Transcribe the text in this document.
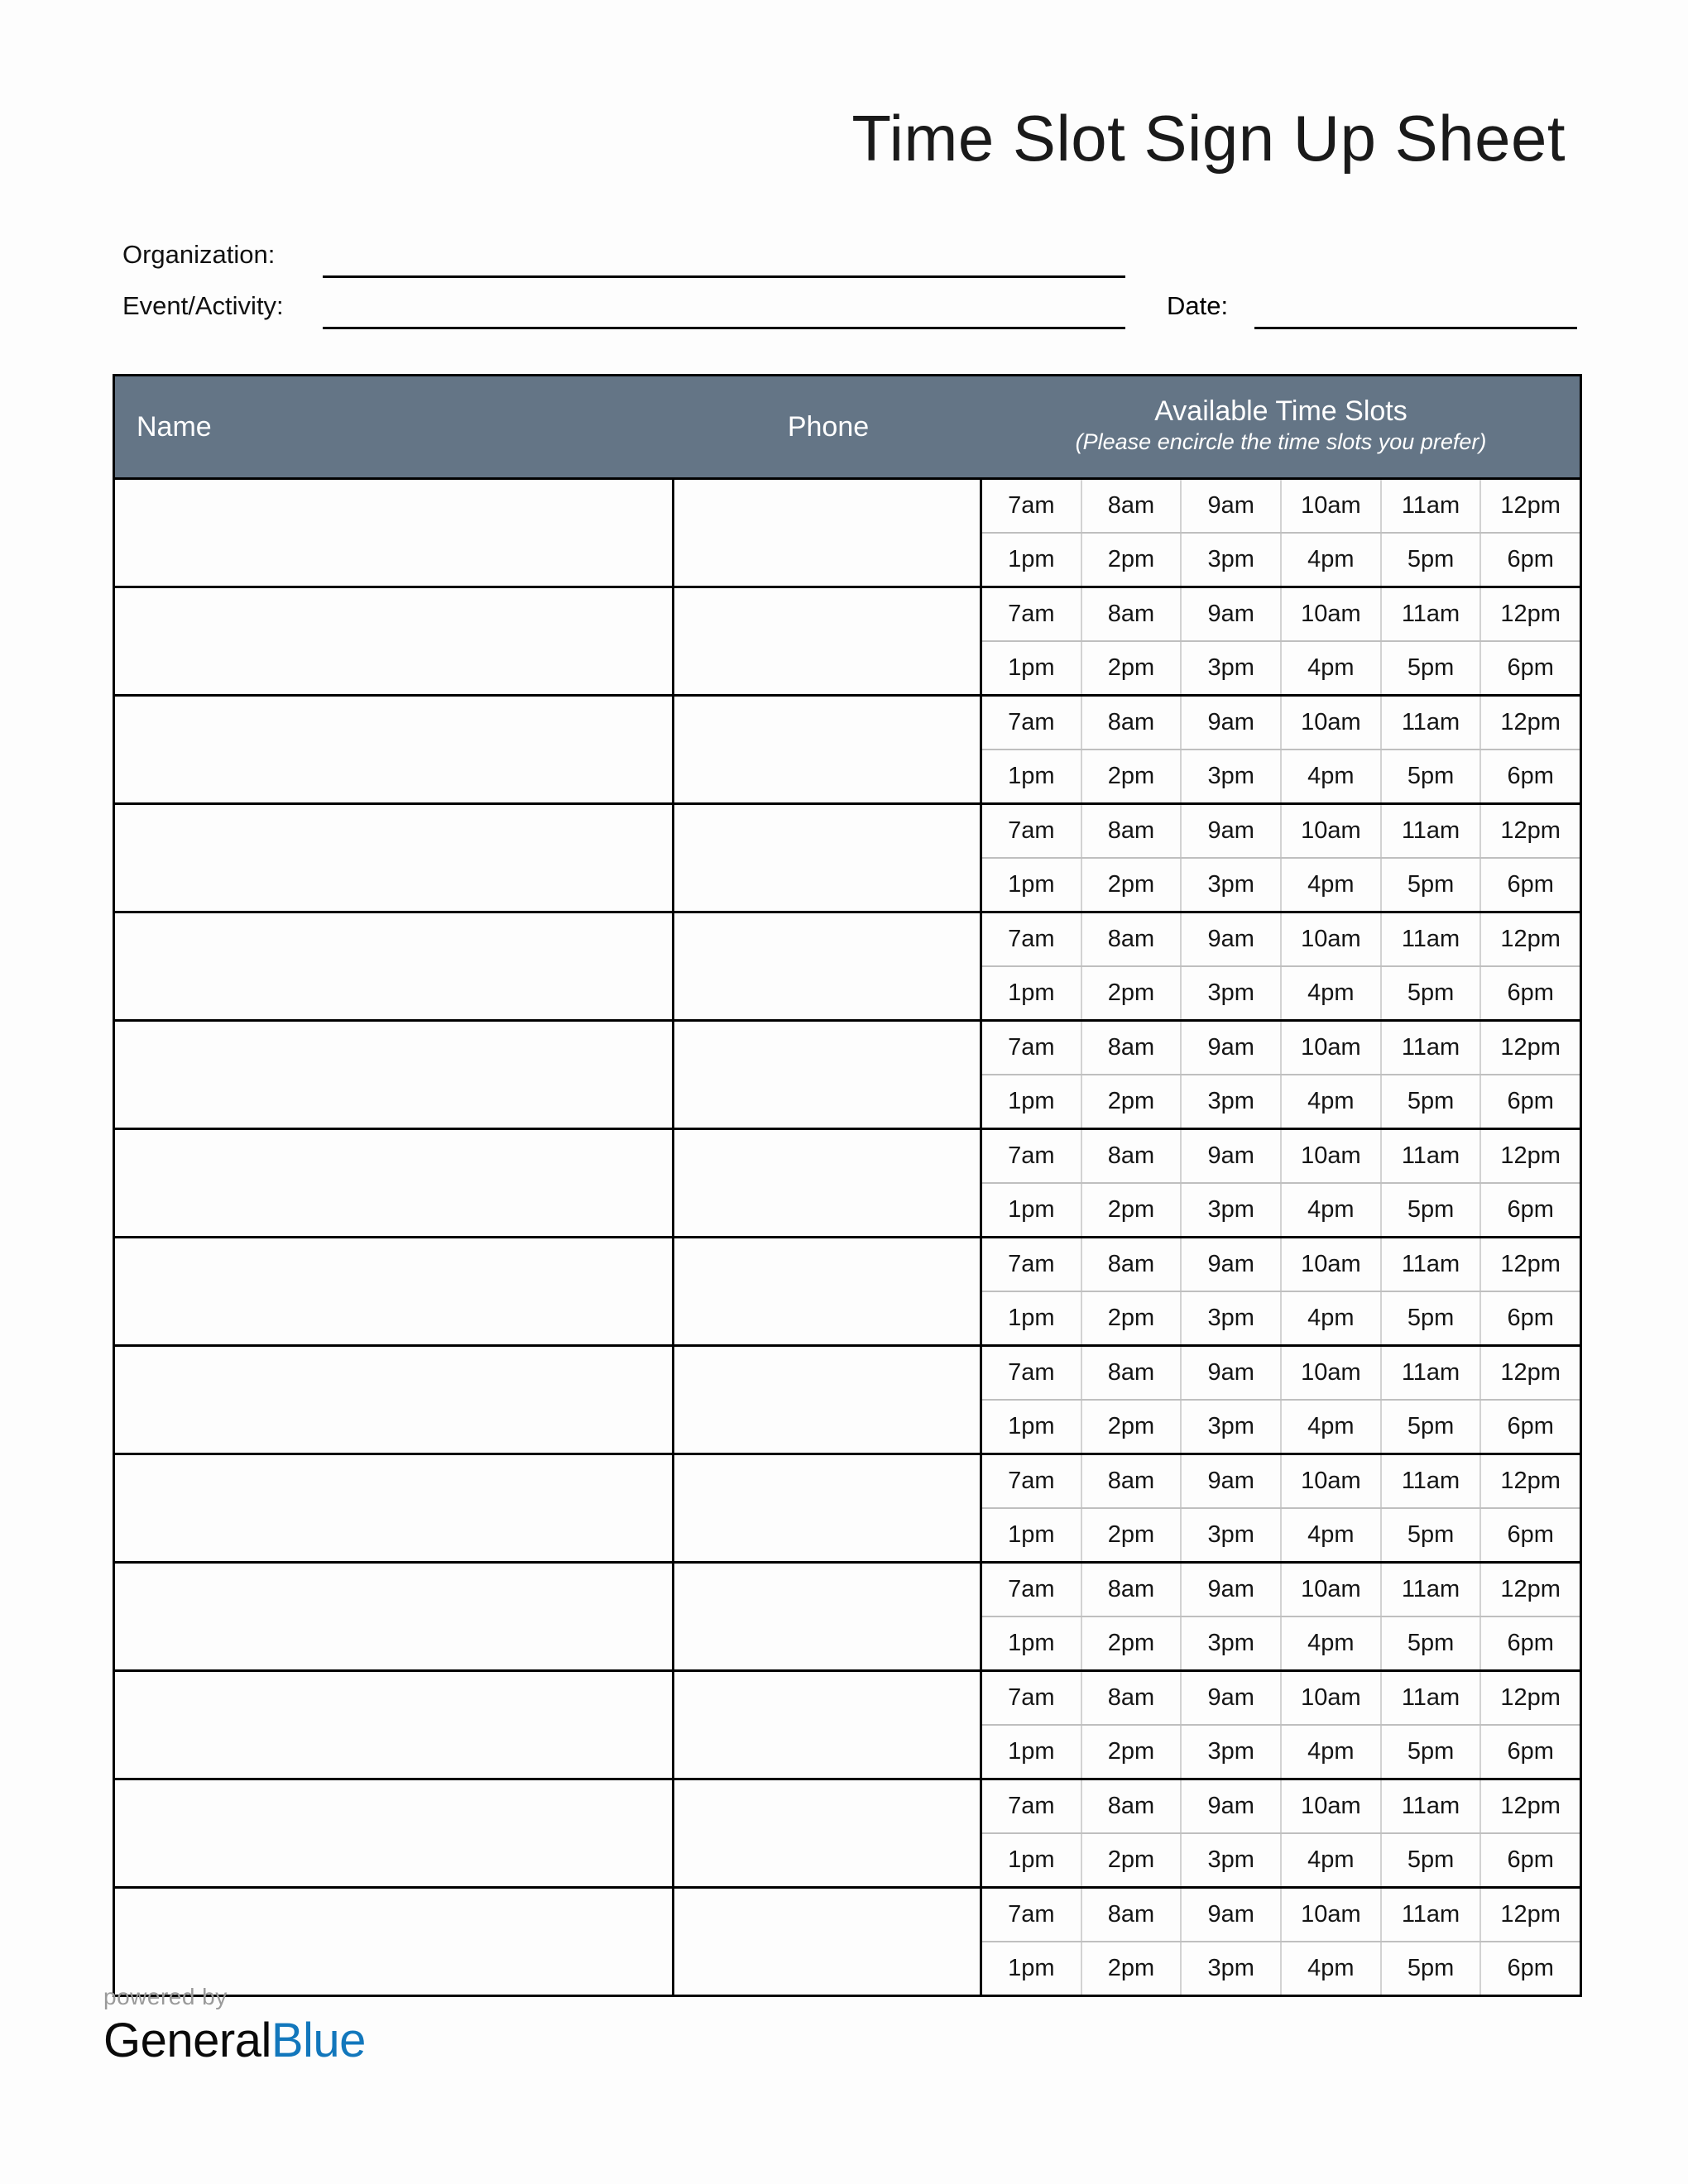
Time Slot Sign Up Sheet
Organization:
Event/Activity:	Date:
Name	Phone	Available Time Slots
(Please encircle the time slots you prefer)
7am	8am	9am	10am	11am	12pm
1pm	2pm	3pm	4pm	5pm	6pm
7am	8am	9am	10am	11am	12pm
1pm	2pm	3pm	4pm	5pm	6pm
7am	8am	9am	10am	11am	12pm
1pm	2pm	3pm	4pm	5pm	6pm
7am	8am	9am	10am	11am	12pm
1pm	2pm	3pm	4pm	5pm	6pm
7am	8am	9am	10am	11am	12pm
1pm	2pm	3pm	4pm	5pm	6pm
7am	8am	9am	10am	11am	12pm
1pm	2pm	3pm	4pm	5pm	6pm
7am	8am	9am	10am	11am	12pm
1pm	2pm	3pm	4pm	5pm	6pm
7am	8am	9am	10am	11am	12pm
1pm	2pm	3pm	4pm	5pm	6pm
7am	8am	9am	10am	11am	12pm
1pm	2pm	3pm	4pm	5pm	6pm
7am	8am	9am	10am	11am	12pm
1pm	2pm	3pm	4pm	5pm	6pm
7am	8am	9am	10am	11am	12pm
1pm	2pm	3pm	4pm	5pm	6pm
7am	8am	9am	10am	11am	12pm
1pm	2pm	3pm	4pm	5pm	6pm
7am	8am	9am	10am	11am	12pm
1pm	2pm	3pm	4pm	5pm	6pm
7am	8am	9am	10am	11am	12pm
1pm	2pm	3pm	4pm	5pm	6pm
powered by
GeneralBlue
